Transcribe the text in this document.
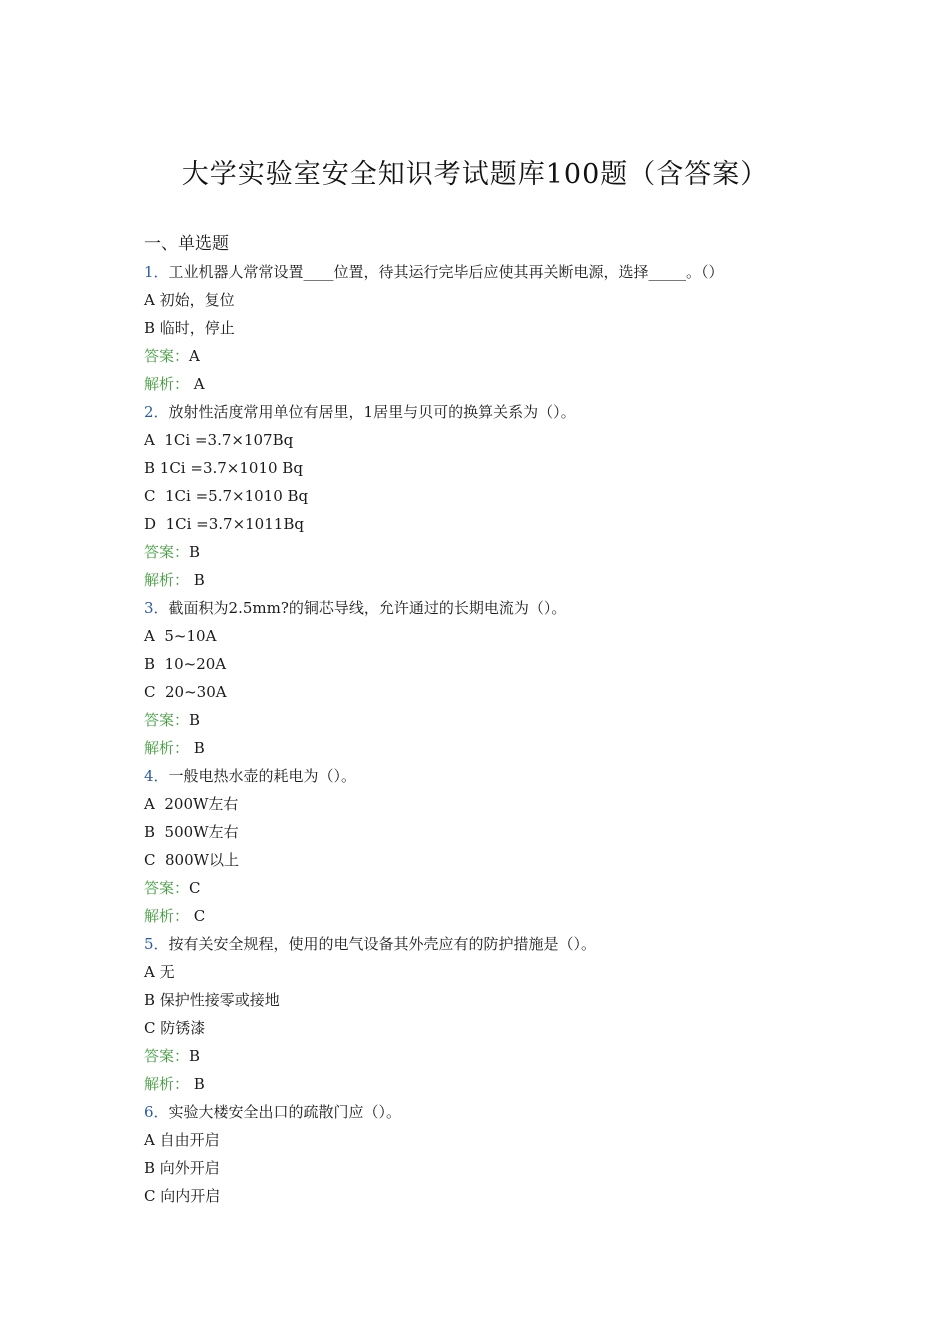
大学实验室安全知识考试题库100题（含答案）
一、单选题
1．工业机器人常常设置____位置，待其运行完毕后应使其再关断电源，选择_____。（）
A 初始，复位
B 临时，停止
答案：A
解析： A
2．放射性活度常用单位有居里，1居里与贝可的换算关系为（）。
A  1Ci =3.7×107Bq
B 1Ci =3.7×1010 Bq
C  1Ci =5.7×1010 Bq
D  1Ci =3.7×1011Bq
答案：B
解析： B
3．截面积为2.5mm?的铜芯导线，允许通过的长期电流为（）。
A  5~10A
B  10~20A
C  20~30A
答案：B
解析： B
4．一般电热水壶的耗电为（）。
A  200W左右
B  500W左右
C  800W以上
答案：C
解析： C
5．按有关安全规程，使用的电气设备其外壳应有的防护措施是（）。
A 无
B 保护性接零或接地
C 防锈漆
答案：B
解析： B
6．实验大楼安全出口的疏散门应（）。
A 自由开启
B 向外开启
C 向内开启
